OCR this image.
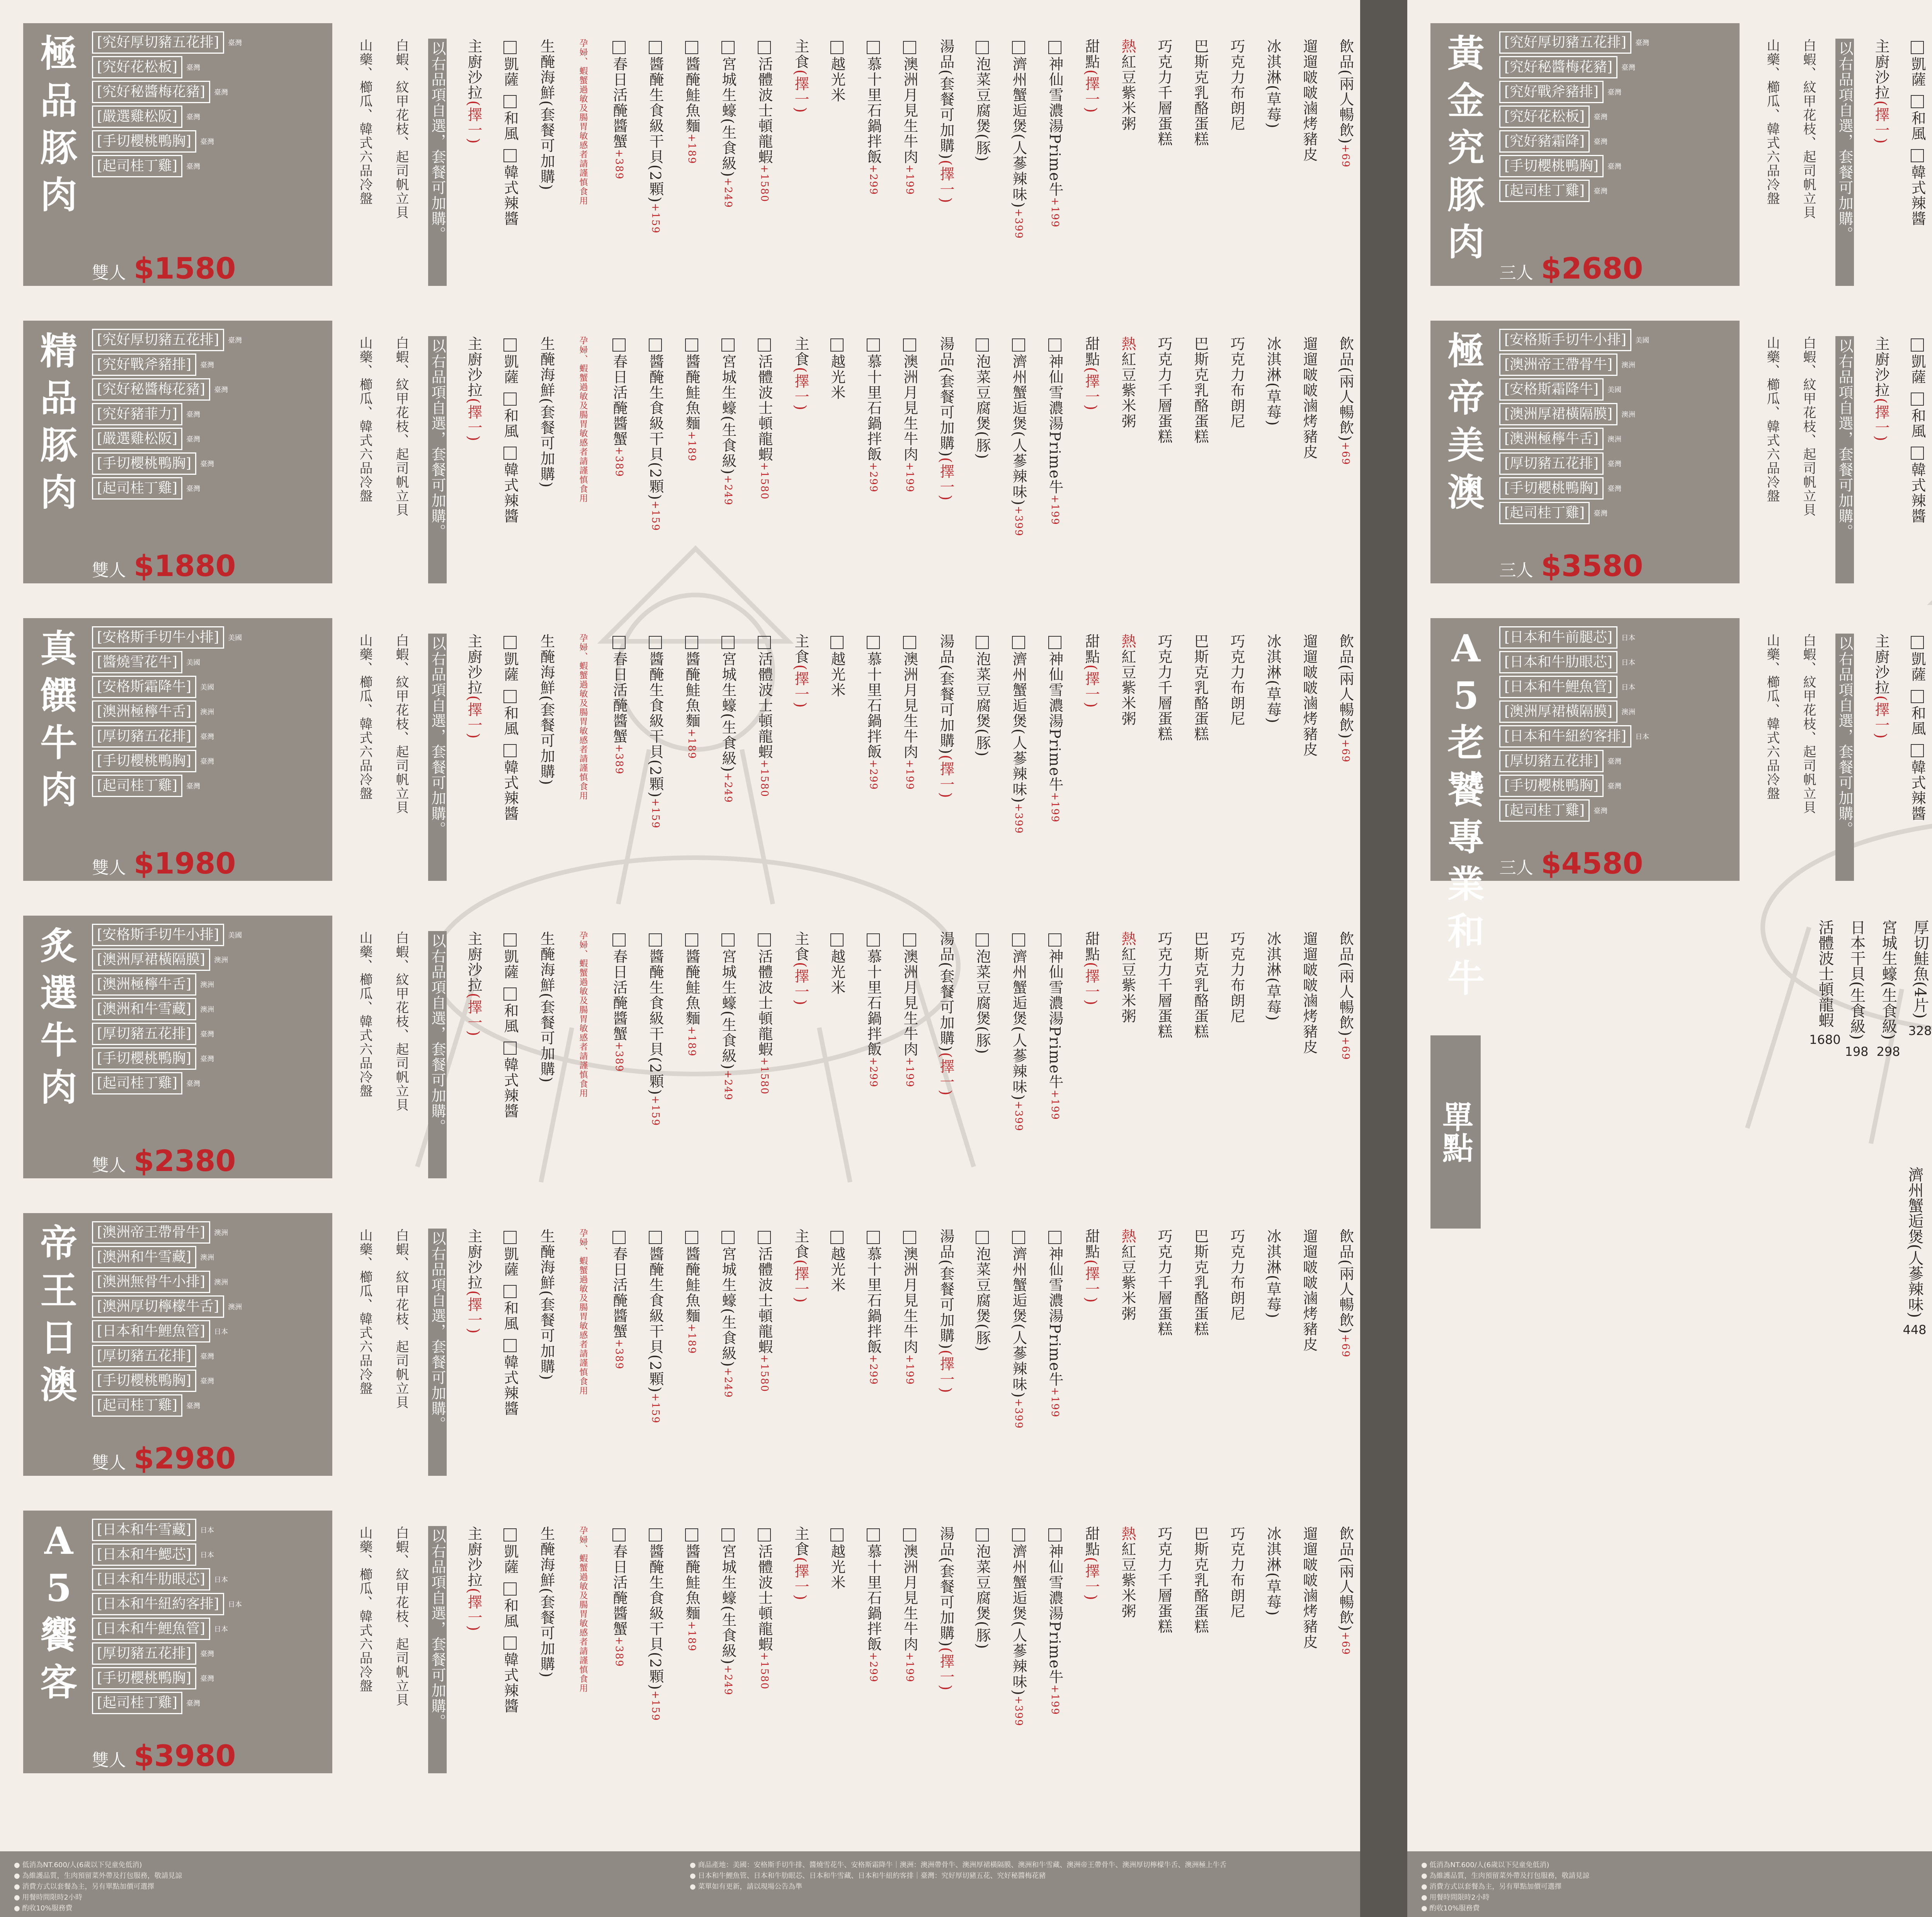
極
品
豚
肉
[究好厚切豬五花排]	臺灣
[究好花松板]	臺灣
[究好秘醬梅花豬]	臺灣
[嚴選雞松阪]	臺灣
[手切櫻桃鴨胸]	臺灣
[起司桂丁雞]	臺灣
雙人 $1580
山藥、櫛瓜、韓式六品冷盤 白蝦、紋甲花枝、起司帆立貝 以右品項自選，套餐可加購。 主廚沙拉(擇一)
凱薩 和風 韓式辣醬
生醃海鮮(套餐可加購)	孕婦、蝦蟹過敏及腸胃敏感者請謹慎食用 春日活醃醬蟹+389 醬醃生食級干貝(2顆)+159
醬醃鮭魚麵+189 宮城生蠔(生食級)+249
活體波士頓龍蝦+1580
主食(擇一) 越光米 慕十里石鍋拌飯+299
澳洲月見生牛肉+199
湯品(套餐可加購)(擇一)
泡菜豆腐煲(豚) 濟州蟹逅煲(人蔘辣味)+399
神仙雪濃湯Prime牛+199
甜點(擇一)
熱紅豆紫米粥 巧克力千層蛋糕 巴斯克乳酪蛋糕 巧克力布朗尼 冰淇淋(草莓) 遛遛啵啵滷烤豬皮 飲品(兩人暢飲)+69
精
品
豚
肉
[究好厚切豬五花排]	臺灣
[究好戰斧豬排]	臺灣
[究好秘醬梅花豬]	臺灣
[究好豬菲力]	臺灣
[嚴選雞松阪]	臺灣
[手切櫻桃鴨胸]	臺灣
[起司桂丁雞]	臺灣
雙人 $1880
山藥、櫛瓜、韓式六品冷盤 白蝦、紋甲花枝、起司帆立貝 以右品項自選，套餐可加購。 主廚沙拉(擇一)
凱薩 和風 韓式辣醬
生醃海鮮(套餐可加購)	孕婦、蝦蟹過敏及腸胃敏感者請謹慎食用 春日活醃醬蟹+389 醬醃生食級干貝(2顆)+159
醬醃鮭魚麵+189 宮城生蠔(生食級)+249
活體波士頓龍蝦+1580
主食(擇一) 越光米 慕十里石鍋拌飯+299
澳洲月見生牛肉+199
湯品(套餐可加購)(擇一)
泡菜豆腐煲(豚) 濟州蟹逅煲(人蔘辣味)+399
神仙雪濃湯Prime牛+199
甜點(擇一)
熱紅豆紫米粥 巧克力千層蛋糕 巴斯克乳酪蛋糕 巧克力布朗尼 冰淇淋(草莓) 遛遛啵啵滷烤豬皮 飲品(兩人暢飲)+69
真
饌
牛
肉
[安格斯手切牛小排]	美國
[醬燒雪花牛]	美國
[安格斯霜降牛]	美國
[澳洲極檸牛舌]	澳洲
[厚切豬五花排]	臺灣
[手切櫻桃鴨胸]	臺灣
[起司桂丁雞]	臺灣
雙人 $1980
山藥、櫛瓜、韓式六品冷盤 白蝦、紋甲花枝、起司帆立貝 以右品項自選，套餐可加購。 主廚沙拉(擇一)
凱薩 和風 韓式辣醬
生醃海鮮(套餐可加購)	孕婦、蝦蟹過敏及腸胃敏感者請謹慎食用 春日活醃醬蟹+389 醬醃生食級干貝(2顆)+159
醬醃鮭魚麵+189 宮城生蠔(生食級)+249
活體波士頓龍蝦+1580
主食(擇一) 越光米 慕十里石鍋拌飯+299
澳洲月見生牛肉+199
湯品(套餐可加購)(擇一)
泡菜豆腐煲(豚) 濟州蟹逅煲(人蔘辣味)+399
神仙雪濃湯Prime牛+199
甜點(擇一)
熱紅豆紫米粥 巧克力千層蛋糕 巴斯克乳酪蛋糕 巧克力布朗尼 冰淇淋(草莓) 遛遛啵啵滷烤豬皮 飲品(兩人暢飲)+69
炙
選
牛
肉
[安格斯手切牛小排]	美國
[澳洲厚裙橫隔膜]	澳洲
[澳洲極檸牛舌]	澳洲
[澳洲和牛雪藏]	澳洲
[厚切豬五花排]	臺灣
[手切櫻桃鴨胸]	臺灣
[起司桂丁雞]	臺灣
雙人 $2380
山藥、櫛瓜、韓式六品冷盤 白蝦、紋甲花枝、起司帆立貝 以右品項自選，套餐可加購。 主廚沙拉(擇一)
凱薩 和風 韓式辣醬
生醃海鮮(套餐可加購)	孕婦、蝦蟹過敏及腸胃敏感者請謹慎食用 春日活醃醬蟹+389 醬醃生食級干貝(2顆)+159
醬醃鮭魚麵+189 宮城生蠔(生食級)+249
活體波士頓龍蝦+1580
主食(擇一) 越光米 慕十里石鍋拌飯+299
澳洲月見生牛肉+199
湯品(套餐可加購)(擇一)
泡菜豆腐煲(豚) 濟州蟹逅煲(人蔘辣味)+399
神仙雪濃湯Prime牛+199
甜點(擇一)
熱紅豆紫米粥 巧克力千層蛋糕 巴斯克乳酪蛋糕 巧克力布朗尼 冰淇淋(草莓) 遛遛啵啵滷烤豬皮 飲品(兩人暢飲)+69
帝
王
日
澳
[澳洲帝王帶骨牛]	澳洲
[澳洲和牛雪藏]	澳洲
[澳洲無骨牛小排]	澳洲
[澳洲厚切檸檬牛舌]	澳洲
[日本和牛鯉魚管]	日本
[厚切豬五花排]	臺灣
[手切櫻桃鴨胸]	臺灣
[起司桂丁雞]	臺灣
雙人 $2980
山藥、櫛瓜、韓式六品冷盤 白蝦、紋甲花枝、起司帆立貝 以右品項自選，套餐可加購。 主廚沙拉(擇一)
凱薩 和風 韓式辣醬
生醃海鮮(套餐可加購)	孕婦、蝦蟹過敏及腸胃敏感者請謹慎食用 春日活醃醬蟹+389 醬醃生食級干貝(2顆)+159
醬醃鮭魚麵+189 宮城生蠔(生食級)+249
活體波士頓龍蝦+1580
主食(擇一) 越光米 慕十里石鍋拌飯+299
澳洲月見生牛肉+199
湯品(套餐可加購)(擇一)
泡菜豆腐煲(豚) 濟州蟹逅煲(人蔘辣味)+399
神仙雪濃湯Prime牛+199
甜點(擇一)
熱紅豆紫米粥 巧克力千層蛋糕 巴斯克乳酪蛋糕 巧克力布朗尼 冰淇淋(草莓) 遛遛啵啵滷烤豬皮 飲品(兩人暢飲)+69
A
5
饗
客
[日本和牛雪藏]	日本
[日本和牛鰓芯]	日本
[日本和牛肋眼芯]	日本
[日本和牛紐約客排]	日本
[日本和牛鯉魚管]	日本
[厚切豬五花排]	臺灣
[手切櫻桃鴨胸]	臺灣
[起司桂丁雞]	臺灣
雙人 $3980
山藥、櫛瓜、韓式六品冷盤 白蝦、紋甲花枝、起司帆立貝 以右品項自選，套餐可加購。 主廚沙拉(擇一)
凱薩 和風 韓式辣醬
生醃海鮮(套餐可加購)	孕婦、蝦蟹過敏及腸胃敏感者請謹慎食用 春日活醃醬蟹+389 醬醃生食級干貝(2顆)+159
醬醃鮭魚麵+189 宮城生蠔(生食級)+249
活體波士頓龍蝦+1580
主食(擇一) 越光米 慕十里石鍋拌飯+299
澳洲月見生牛肉+199
湯品(套餐可加購)(擇一)
泡菜豆腐煲(豚) 濟州蟹逅煲(人蔘辣味)+399
神仙雪濃湯Prime牛+199
甜點(擇一)
熱紅豆紫米粥 巧克力千層蛋糕 巴斯克乳酪蛋糕 巧克力布朗尼 冰淇淋(草莓) 遛遛啵啵滷烤豬皮 飲品(兩人暢飲)+69
● 低消為NT.600/人(6歲以下兒童免低消)
● 為維護品質，生肉預留菜外帶及打包服務，敬請見諒
● 消費方式以套餐為主，另有單點加價可選擇
● 用餐時間限時2小時
● 酌收10%服務費
● 商品產地：美國：安格斯手切牛排、醬燒雪花牛、安格斯霜降牛｜澳洲：澳洲帶骨牛、澳洲厚裙橫隔膜、澳洲和牛雪藏、澳洲帝王帶骨牛、澳洲厚切檸檬牛舌、澳洲極上牛舌
● 日本和牛鯉魚管、日本和牛肋眼芯、日本和牛雪藏、日本和牛紐約客排｜臺灣：究好厚切豬五花、究好秘醬梅花豬
● 菜單如有更新，請以現場公告為準
黃
金
究
豚
肉
[究好厚切豬五花排]	臺灣
[究好秘醬梅花豬]	臺灣
[究好戰斧豬排]	臺灣
[究好花松板]	臺灣
[究好豬霜降]	臺灣
[手切櫻桃鴨胸]	臺灣
[起司桂丁雞]	臺灣
三人 $2680
山藥、櫛瓜、韓式六品冷盤 白蝦、紋甲花枝、起司帆立貝 以右品項自選，套餐可加購。 主廚沙拉(擇一)
凱薩 和風 韓式辣醬
極
帝
美
澳
[安格斯手切牛小排]	美國
[澳洲帝王帶骨牛]	澳洲
[安格斯霜降牛]	美國
[澳洲厚裙橫隔膜]	澳洲
[澳洲極檸牛舌]	澳洲
[厚切豬五花排]	臺灣
[手切櫻桃鴨胸]	臺灣
[起司桂丁雞]	臺灣
三人 $3580
山藥、櫛瓜、韓式六品冷盤 白蝦、紋甲花枝、起司帆立貝 以右品項自選，套餐可加購。 主廚沙拉(擇一)
凱薩 和風 韓式辣醬
A
5
老
饕
專
業
和
牛
[日本和牛前腿芯]	日本
[日本和牛肋眼芯]	日本
[日本和牛鯉魚管]	日本
[澳洲厚裙橫隔膜]	澳洲
[日本和牛紐約客排]	日本
[厚切豬五花排]	臺灣
[手切櫻桃鴨胸]	臺灣
[起司桂丁雞]	臺灣
三人 $4580
山藥、櫛瓜、韓式六品冷盤 白蝦、紋甲花枝、起司帆立貝 以右品項自選，套餐可加購。 主廚沙拉(擇一)
凱薩 和風 韓式辣醬
單點
厚切鮭魚(4片)
328
宮城生蠔(生食級)
298
日本干貝(生食級)
198
活體波士頓龍蝦
1680
濟州蟹逅煲(人蔘辣味)
448
● 低消為NT.600/人(6歲以下兒童免低消)
● 為維護品質，生肉預留菜外帶及打包服務，敬請見諒
● 消費方式以套餐為主，另有單點加價可選擇
● 用餐時間限時2小時
● 酌收10%服務費
